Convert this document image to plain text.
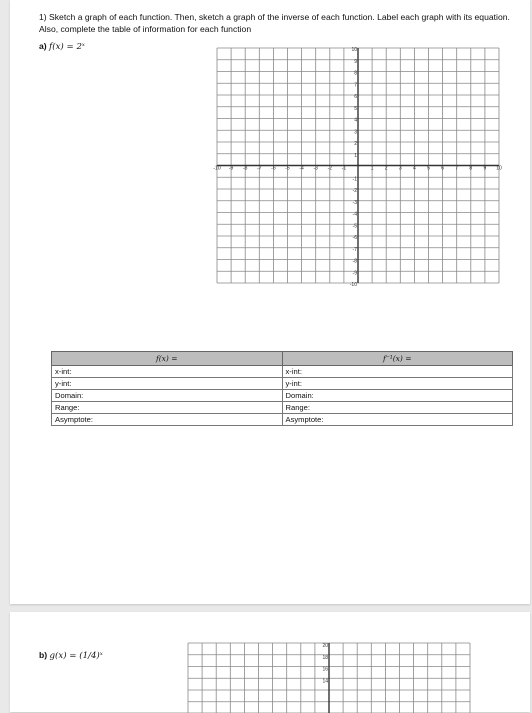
1) Sketch a graph of each function. Then, sketch a graph of the inverse of each function. Label each graph with its equation. Also, complete the table of information for each function

a) f(x) = 2ˣ
-10 -9 -8 -7 -6 -5 -4 -3 -2 -1	1 2 3 4 5 6 7 8 9 10
10
9
8
7
6
5
4
3
2
1
-1
-2
-3
-4
-5
-6
-7
-8
-9
-10
f(x) =	f⁻¹(x) =
x-int:	x-int:
y-int:	y-int:
Domain:	Domain:
Range:	Range:
Asymptote:	Asymptote:
b) g(x) = (1/4)ˣ
20
18
16
14
